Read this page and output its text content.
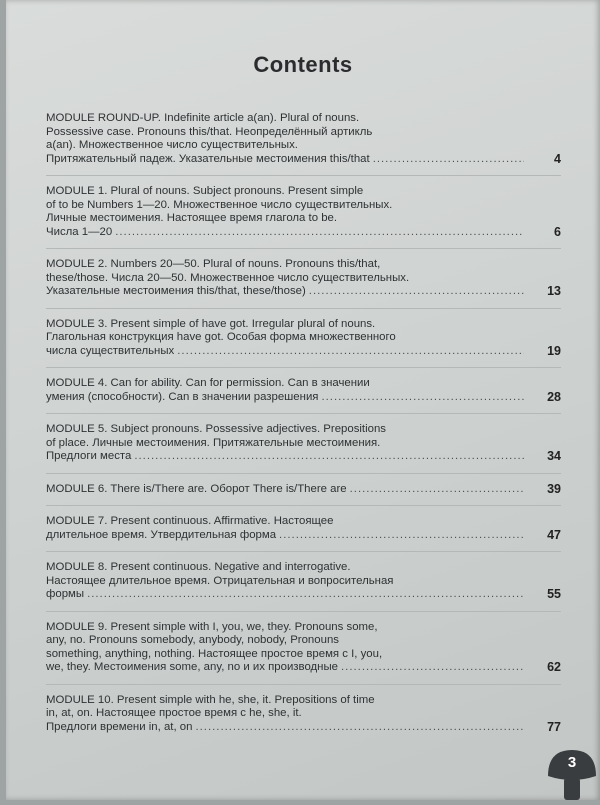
Contents
MODULE ROUND-UP. Indefinite article a(an). Plural of nouns.
Possessive case. Pronouns this/that. Неопределённый артикль
a(an). Множественное число существительных.
Притяжательный падеж. Указательные местоимения this/that .....	4
MODULE 1. Plural of nouns. Subject pronouns. Present simple
of to be Numbers 1—20. Множественное число существительных.
Личные местоимения. Настоящее время глагола to be.
Числа 1—20 .....	6
MODULE 2. Numbers 20—50. Plural of nouns. Pronouns this/that,
these/those. Числа 20—50. Множественное число существительных.
Указательные местоимения this/that, these/those) .....	13
MODULE 3. Present simple of have got. Irregular plural of nouns.
Глагольная конструкция have got. Особая форма множественного
числа существительных .....	19
MODULE 4. Can for ability. Can for permission. Can в значении
умения (способности). Can в значении разрешения .....	28
MODULE 5. Subject pronouns. Possessive adjectives. Prepositions
of place. Личные местоимения. Притяжательные местоимения.
Предлоги места .....	34
MODULE 6. There is/There are. Оборот There is/There are .....	39
MODULE 7. Present continuous. Affirmative. Настоящее
длительное время. Утвердительная форма .....	47
MODULE 8. Present continuous. Negative and interrogative.
Настоящее длительное время. Отрицательная и вопросительная
формы .....	55
MODULE 9. Present simple with I, you, we, they. Pronouns some,
any, no. Pronouns somebody, anybody, nobody, Pronouns
something, anything, nothing. Настоящее простое время с I, you,
we, they. Местоимения some, any, no и их производные .....	62
MODULE 10. Present simple with he, she, it. Prepositions of time
in, at, on. Настоящее простое время с he, she, it.
Предлоги времени in, at, on .....	77
3
